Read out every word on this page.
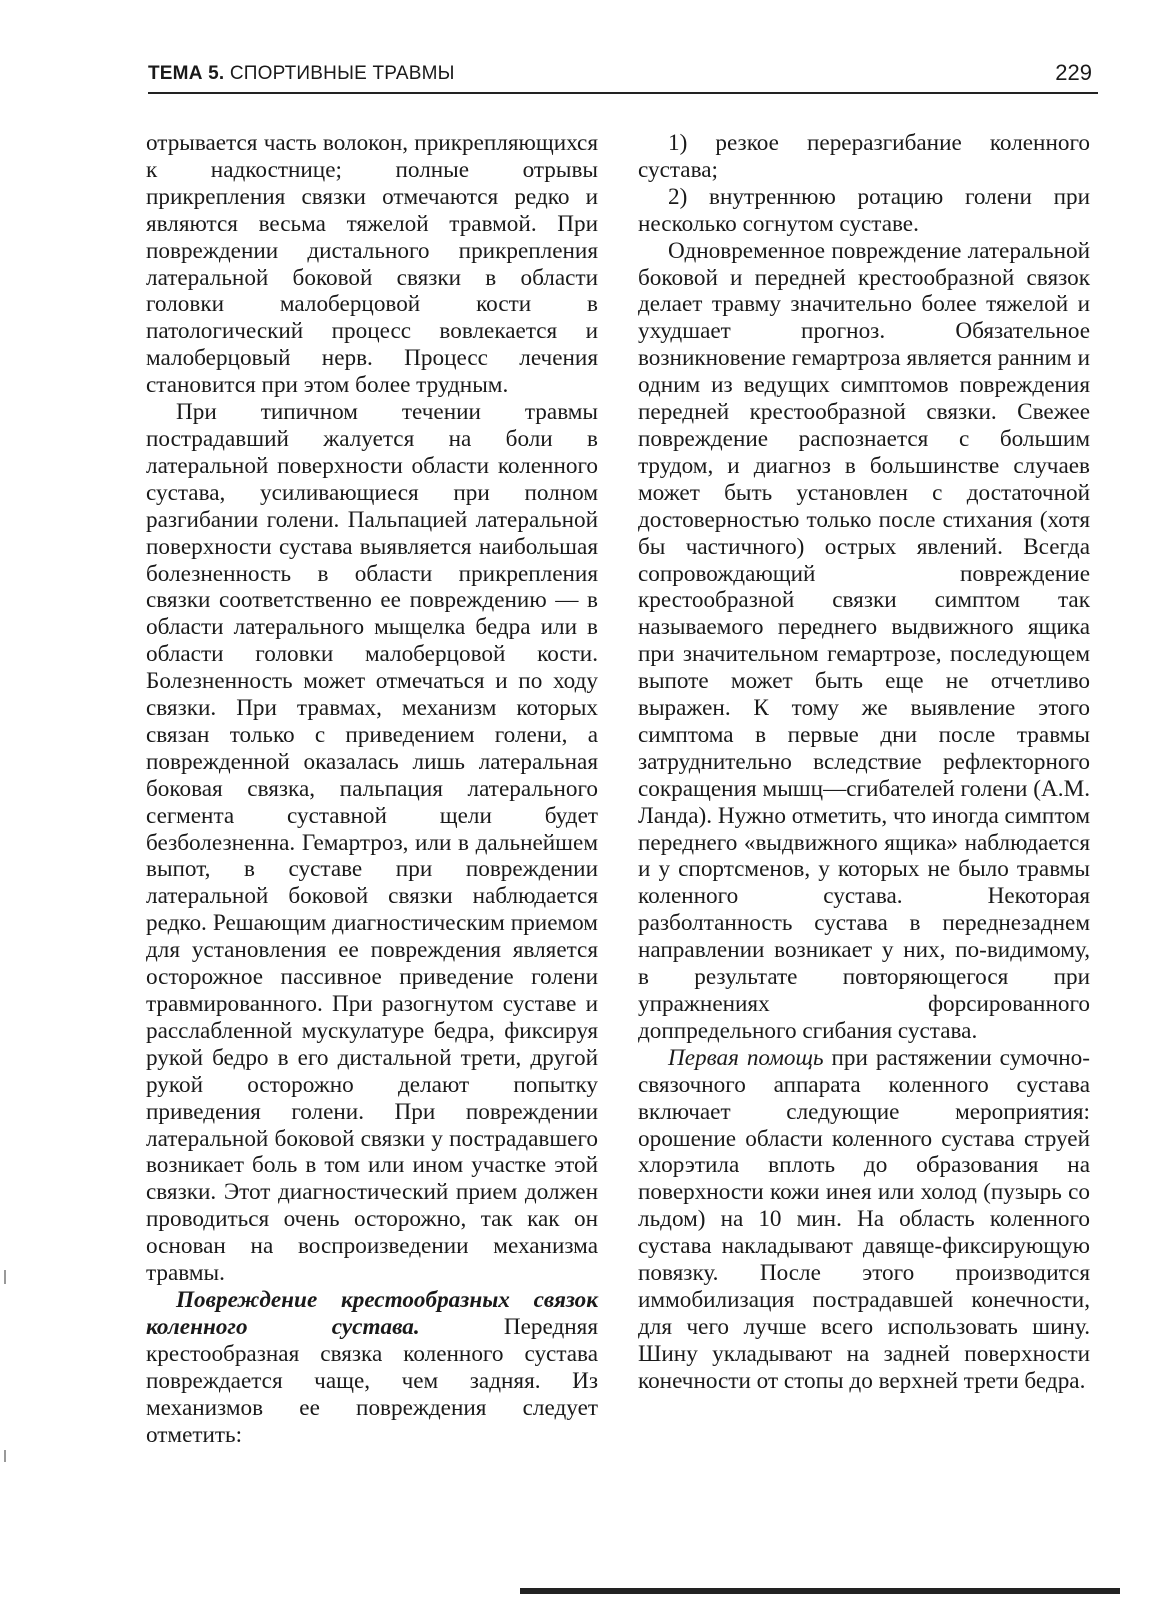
ТЕМА 5. СПОРТИВНЫЕ ТРАВМЫ	229

отрывается часть волокон, прикрепляющихся к надкостнице; полные отрывы прикрепления связки отмечаются редко и являются весьма тяжелой травмой. При повреждении дистального прикрепления латеральной боковой связки в области головки малоберцовой кости в патологический процесс вовлекается и малоберцовый нерв. Процесс лечения становится при этом более трудным.

При типичном течении травмы пострадавший жалуется на боли в латеральной поверхности области коленного сустава, усиливающиеся при полном разгибании голени. Пальпацией латеральной поверхности сустава выявляется наибольшая болезненность в области прикрепления связки соответственно ее повреждению — в области латерального мыщелка бедра или в области головки малоберцовой кости. Болезненность может отмечаться и по ходу связки. При травмах, механизм которых связан только с приведением голени, а поврежденной оказалась лишь латеральная боковая связка, пальпация латерального сегмента суставной щели будет безболезненна. Гемартроз, или в дальнейшем выпот, в суставе при повреждении латеральной боковой связки наблюдается редко. Решающим диагностическим приемом для установления ее повреждения является осторожное пассивное приведение голени травмированного. При разогнутом суставе и расслабленной мускулатуре бедра, фиксируя рукой бедро в его дистальной трети, другой рукой осторожно делают попытку приведения голени. При повреждении латеральной боковой связки у пострадавшего возникает боль в том или ином участке этой связки. Этот диагностический прием должен проводиться очень осторожно, так как он основан на воспроизведении механизма травмы.

Повреждение крестообразных связок коленного сустава. Передняя крестообразная связка коленного сустава повреждается чаще, чем задняя. Из механизмов ее повреждения следует отметить:

1) резкое переразгибание коленного сустава;

2) внутреннюю ротацию голени при несколько согнутом суставе.

Одновременное повреждение латеральной боковой и передней крестообразной связок делает травму значительно более тяжелой и ухудшает прогноз. Обязательное возникновение гемартроза является ранним и одним из ведущих симптомов повреждения передней крестообразной связки. Свежее повреждение распознается с большим трудом, и диагноз в большинстве случаев может быть установлен с достаточной достоверностью только после стихания (хотя бы частичного) острых явлений. Всегда сопровождающий повреждение крестообразной связки симптом так называемого переднего выдвижного ящика при значительном гемартрозе, последующем выпоте может быть еще не отчетливо выражен. К тому же выявление этого симптома в первые дни после травмы затруднительно вследствие рефлекторного сокращения мышц—сгибателей голени (А.М. Ланда). Нужно отметить, что иногда симптом переднего «выдвижного ящика» наблюдается и у спортсменов, у которых не было травмы коленного сустава. Некоторая разболтанность сустава в переднезаднем направлении возникает у них, по-видимому, в результате повторяющегося при упражнениях форсированного доппредельного сгибания сустава.

Первая помощь при растяжении сумочно-связочного аппарата коленного сустава включает следующие мероприятия: орошение области коленного сустава струей хлорэтила вплоть до образования на поверхности кожи инея или холод (пузырь со льдом) на 10 мин. На область коленного сустава накладывают давяще-фиксирующую повязку. После этого производится иммобилизация пострадавшей конечности, для чего лучше всего использовать шину. Шину укладывают на задней поверхности конечности от стопы до верхней трети бедра.
